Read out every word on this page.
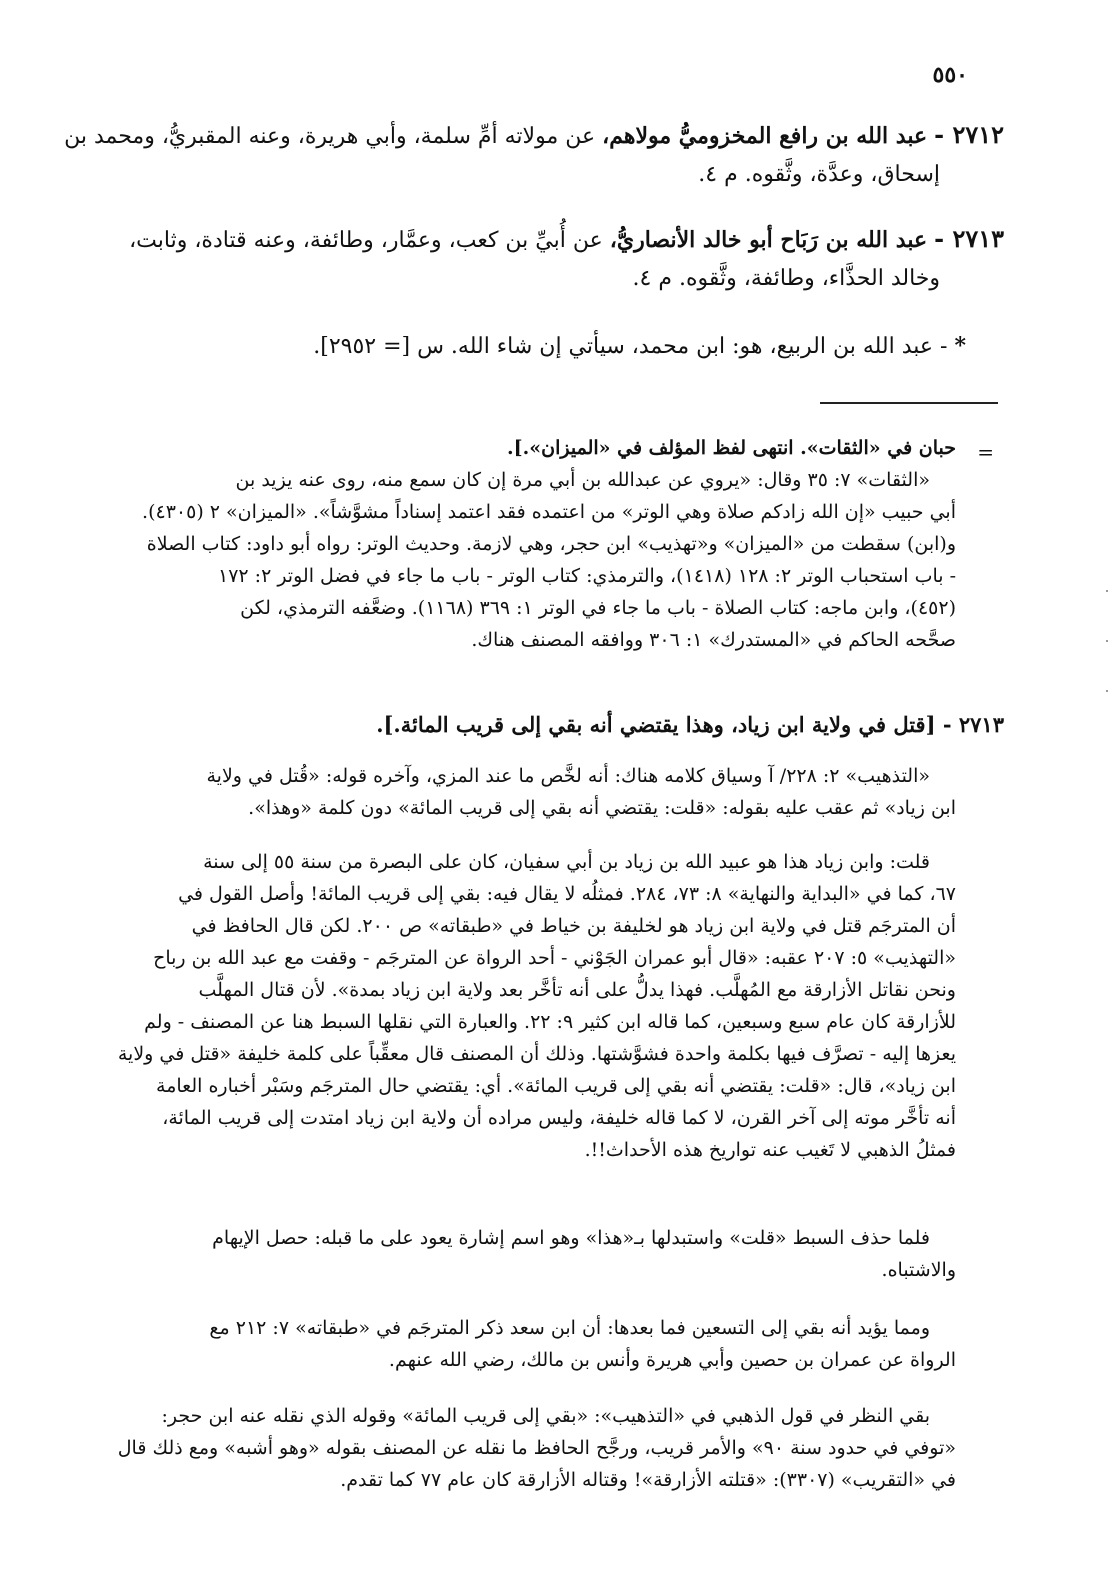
٥٥٠
٢٧١٢ - عبد الله بن رافع المخزوميُّ مولاهم، عن مولاته أمِّ سلمة، وأبي هريرة، وعنه المقبريُّ، ومحمد بن
إسحاق، وعدَّة، وثَّقوه. م ٤.
٢٧١٣ - عبد الله بن رَبَاح أبو خالد الأنصاريُّ، عن أُبيِّ بن كعب، وعمَّار، وطائفة، وعنه قتادة، وثابت،
وخالد الحذَّاء، وطائفة، وثَّقوه. م ٤.
* - عبد الله بن الربيع، هو: ابن محمد، سيأتي إن شاء الله. س [= ٢٩٥٢].
=

حبان في «الثقات». انتهى لفظ المؤلف في «الميزان».].

«الثقات» ٧: ٣٥ وقال: «يروي عن عبدالله بن أبي مرة إن كان سمع منه، روى عنه يزيد بن

أبي حبيب «إن الله زادكم صلاة وهي الوتر» من اعتمده فقد اعتمد إسناداً مشوَّشاً». «الميزان» ٢ (٤٣٠٥).

و(ابن) سقطت من «الميزان» و«تهذيب» ابن حجر، وهي لازمة. وحديث الوتر: رواه أبو داود: كتاب الصلاة

- باب استحباب الوتر ٢: ١٢٨ (١٤١٨)، والترمذي: كتاب الوتر - باب ما جاء في فضل الوتر ٢: ١٧٢

(٤٥٢)، وابن ماجه: كتاب الصلاة - باب ما جاء في الوتر ١: ٣٦٩ (١١٦٨). وضعَّفه الترمذي، لكن

صحَّحه الحاكم في «المستدرك» ١: ٣٠٦ ووافقه المصنف هناك.

٢٧١٣ - [قتل في ولاية ابن زياد، وهذا يقتضي أنه بقي إلى قريب المائة.].

«التذهيب» ٢: ٢٢٨/ آ وسياق كلامه هناك: أنه لخَّص ما عند المزي، وآخره قوله: «قُتل في ولاية

ابن زياد» ثم عقب عليه بقوله: «قلت: يقتضي أنه بقي إلى قريب المائة» دون كلمة «وهذا».

قلت: وابن زياد هذا هو عبيد الله بن زياد بن أبي سفيان، كان على البصرة من سنة ٥٥ إلى سنة

٦٧، كما في «البداية والنهاية» ٨: ٧٣، ٢٨٤. فمثلُه لا يقال فيه: بقي إلى قريب المائة! وأصل القول في

أن المترجَم قتل في ولاية ابن زياد هو لخليفة بن خياط في «طبقاته» ص ٢٠٠. لكن قال الحافظ في

«التهذيب» ٥: ٢٠٧ عقبه: «قال أبو عمران الجَوْني - أحد الرواة عن المترجَم - وقفت مع عبد الله بن رباح

ونحن نقاتل الأزارقة مع المُهلَّب. فهذا يدلُّ على أنه تأخَّر بعد ولاية ابن زياد بمدة». لأن قتال المهلَّب

للأزارقة كان عام سبع وسبعين، كما قاله ابن كثير ٩: ٢٢. والعبارة التي نقلها السبط هنا عن المصنف - ولم

يعزها إليه - تصرَّف فيها بكلمة واحدة فشوَّشتها. وذلك أن المصنف قال معقِّباً على كلمة خليفة «قتل في ولاية

ابن زياد»، قال: «قلت: يقتضي أنه بقي إلى قريب المائة». أي: يقتضي حال المترجَم وسَبْر أخباره العامة

أنه تأخَّر موته إلى آخر القرن، لا كما قاله خليفة، وليس مراده أن ولاية ابن زياد امتدت إلى قريب المائة،

فمثلُ الذهبي لا تَغيب عنه تواريخ هذه الأحداث!!.

فلما حذف السبط «قلت» واستبدلها بـ«هذا» وهو اسم إشارة يعود على ما قبله: حصل الإيهام

والاشتباه.

ومما يؤيد أنه بقي إلى التسعين فما بعدها: أن ابن سعد ذكر المترجَم في «طبقاته» ٧: ٢١٢ مع

الرواة عن عمران بن حصين وأبي هريرة وأنس بن مالك، رضي الله عنهم.

بقي النظر في قول الذهبي في «التذهيب»: «بقي إلى قريب المائة» وقوله الذي نقله عنه ابن حجر:

«توفي في حدود سنة ٩٠» والأمر قريب، ورجَّح الحافظ ما نقله عن المصنف بقوله «وهو أشبه» ومع ذلك قال

في «التقريب» (٣٣٠٧): «قتلته الأزارقة»! وقتاله الأزارقة كان عام ٧٧ كما تقدم.
